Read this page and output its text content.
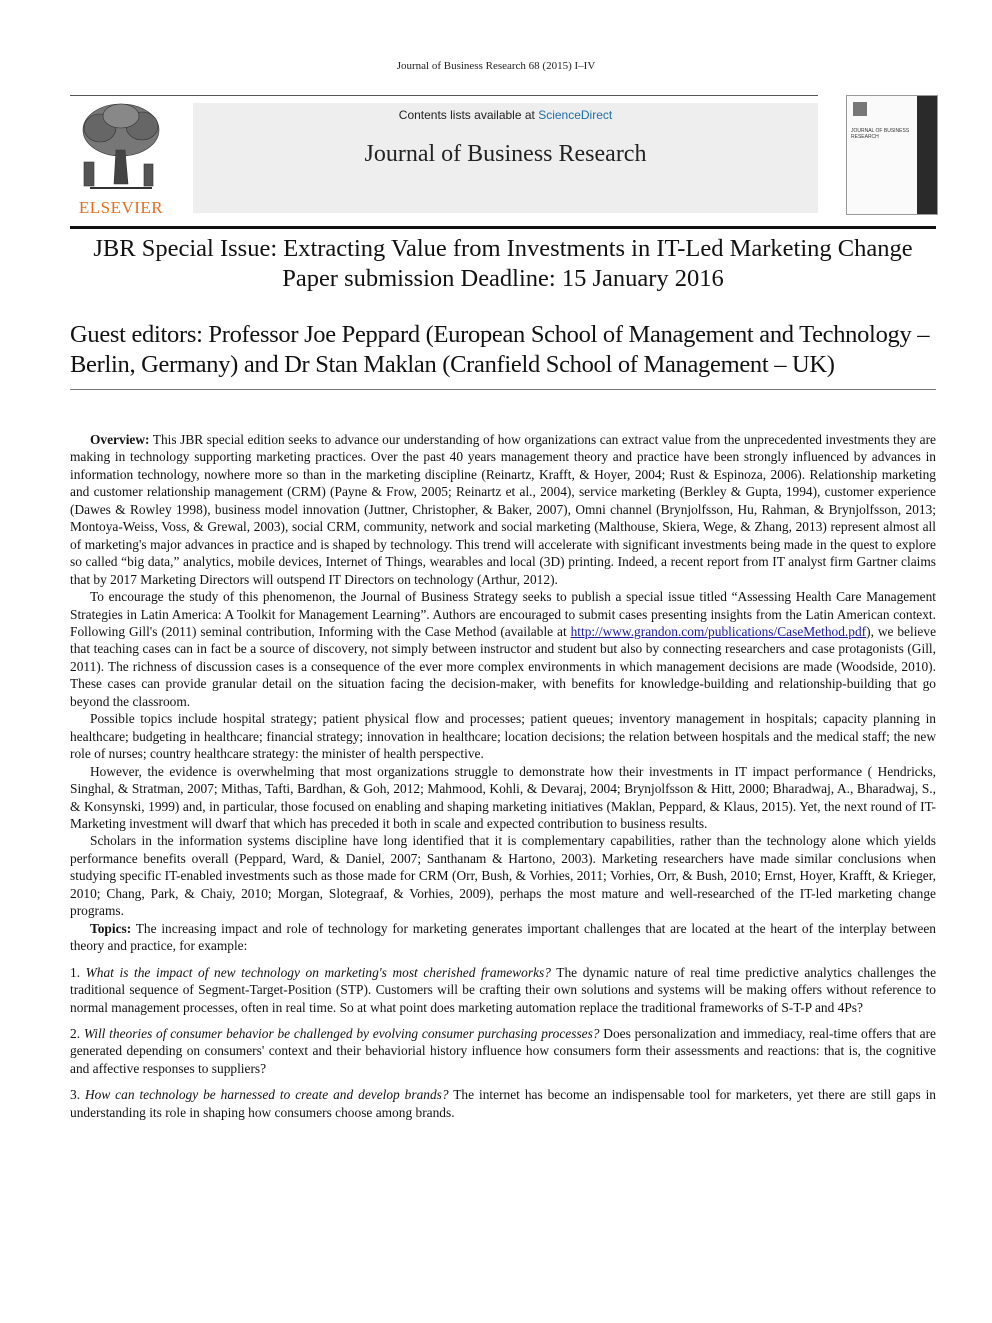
Journal of Business Research 68 (2015) I–IV
ELSEVIER
Contents lists available at ScienceDirect
Journal of Business Research
JOURNAL OF BUSINESS RESEARCH
JBR Special Issue: Extracting Value from Investments in IT-Led Marketing Change
Paper submission Deadline: 15 January 2016
Guest editors: Professor Joe Peppard (European School of Management and Technology – Berlin, Germany) and Dr Stan Maklan (Cranfield School of Management – UK)

Overview: This JBR special edition seeks to advance our understanding of how organizations can extract value from the unprecedented investments they are making in technology supporting marketing practices. Over the past 40 years management theory and practice have been strongly influenced by advances in information technology, nowhere more so than in the marketing discipline (Reinartz, Krafft, & Hoyer, 2004; Rust & Espinoza, 2006). Relationship marketing and customer relationship management (CRM) (Payne & Frow, 2005; Reinartz et al., 2004), service marketing (Berkley & Gupta, 1994), customer experience (Dawes & Rowley 1998), business model innovation (Juttner, Christopher, & Baker, 2007), Omni channel (Brynjolfsson, Hu, Rahman, & Brynjolfsson, 2013; Montoya-Weiss, Voss, & Grewal, 2003), social CRM, community, network and social marketing (Malthouse, Skiera, Wege, & Zhang, 2013) represent almost all of marketing's major advances in practice and is shaped by technology. This trend will accelerate with significant investments being made in the quest to explore so called “big data,” analytics, mobile devices, Internet of Things, wearables and local (3D) printing. Indeed, a recent report from IT analyst firm Gartner claims that by 2017 Marketing Directors will outspend IT Directors on technology (Arthur, 2012).

To encourage the study of this phenomenon, the Journal of Business Strategy seeks to publish a special issue titled “Assessing Health Care Management Strategies in Latin America: A Toolkit for Management Learning”. Authors are encouraged to submit cases presenting insights from the Latin American context. Following Gill's (2011) seminal contribution, Informing with the Case Method (available at http://www.grandon.com/publications/CaseMethod.pdf), we believe that teaching cases can in fact be a source of discovery, not simply between instructor and student but also by connecting researchers and case protagonists (Gill, 2011). The richness of discussion cases is a consequence of the ever more complex environments in which management decisions are made (Woodside, 2010). These cases can provide granular detail on the situation facing the decision-maker, with benefits for knowledge-building and relationship-building that go beyond the classroom.

Possible topics include hospital strategy; patient physical flow and processes; patient queues; inventory management in hospitals; capacity planning in healthcare; budgeting in healthcare; financial strategy; innovation in healthcare; location decisions; the relation between hospitals and the medical staff; the new role of nurses; country healthcare strategy: the minister of health perspective.

However, the evidence is overwhelming that most organizations struggle to demonstrate how their investments in IT impact performance ( Hendricks, Singhal, & Stratman, 2007; Mithas, Tafti, Bardhan, & Goh, 2012; Mahmood, Kohli, & Devaraj, 2004; Brynjolfsson & Hitt, 2000; Bharadwaj, A., Bharadwaj, S., & Konsynski, 1999) and, in particular, those focused on enabling and shaping marketing initiatives (Maklan, Peppard, & Klaus, 2015). Yet, the next round of IT-Marketing investment will dwarf that which has preceded it both in scale and expected contribution to business results.

Scholars in the information systems discipline have long identified that it is complementary capabilities, rather than the technology alone which yields performance benefits overall (Peppard, Ward, & Daniel, 2007; Santhanam & Hartono, 2003). Marketing researchers have made similar conclusions when studying specific IT-enabled investments such as those made for CRM (Orr, Bush, & Vorhies, 2011; Vorhies, Orr, & Bush, 2010; Ernst, Hoyer, Krafft, & Krieger, 2010; Chang, Park, & Chaiy, 2010; Morgan, Slotegraaf, & Vorhies, 2009), perhaps the most mature and well-researched of the IT-led marketing change programs.

Topics: The increasing impact and role of technology for marketing generates important challenges that are located at the heart of the interplay between theory and practice, for example:

1. What is the impact of new technology on marketing's most cherished frameworks? The dynamic nature of real time predictive analytics challenges the traditional sequence of Segment-Target-Position (STP). Customers will be crafting their own solutions and systems will be making offers without reference to normal management processes, often in real time. So at what point does marketing automation replace the traditional frameworks of S-T-P and 4Ps?

2. Will theories of consumer behavior be challenged by evolving consumer purchasing processes? Does personalization and immediacy, real-time offers that are generated depending on consumers' context and their behaviorial history influence how consumers form their assessments and reactions: that is, the cognitive and affective responses to suppliers?

3. How can technology be harnessed to create and develop brands? The internet has become an indispensable tool for marketers, yet there are still gaps in understanding its role in shaping how consumers choose among brands.
